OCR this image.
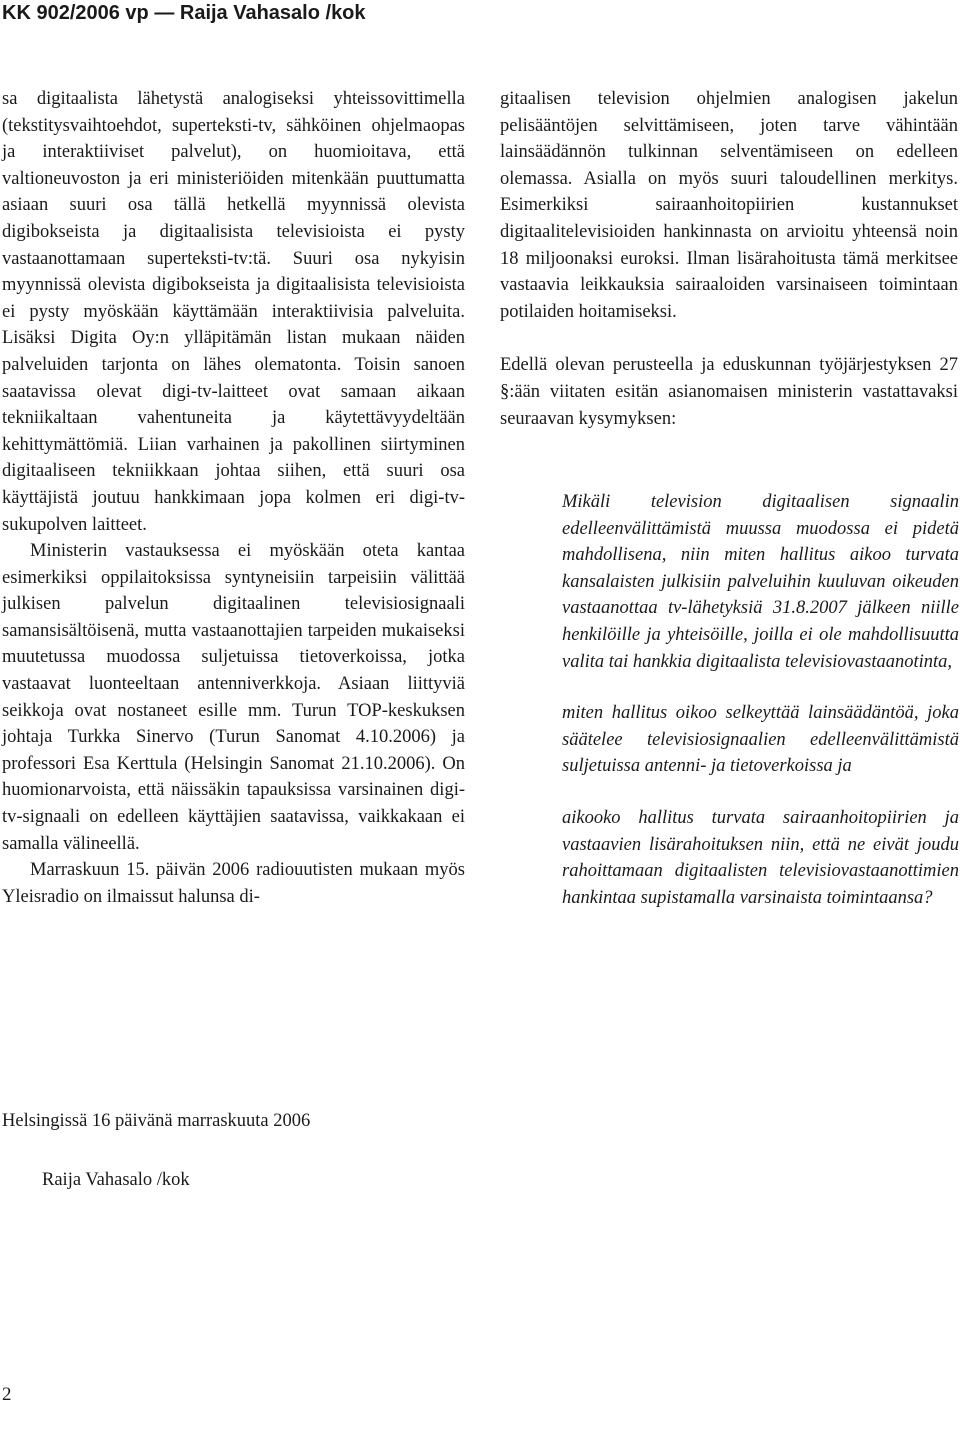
KK 902/2006 vp — Raija Vahasalo /kok

sa digitaalista lähetystä analogiseksi yhteissovittimella (tekstitysvaihtoehdot, superteksti-tv, sähköinen ohjelmaopas ja interaktiiviset palvelut), on huomioitava, että valtioneuvoston ja eri ministeriöiden mitenkään puuttumatta asiaan suuri osa tällä hetkellä myynnissä olevista digibokseista ja digitaalisista televisioista ei pysty vastaanottamaan superteksti-tv:tä. Suuri osa nykyisin myynnissä olevista digibokseista ja digitaalisista televisioista ei pysty myöskään käyttämään interaktiivisia palveluita. Lisäksi Digita Oy:n ylläpitämän listan mukaan näiden palveluiden tarjonta on lähes olematonta. Toisin sanoen saatavissa olevat digi-tv-laitteet ovat samaan aikaan tekniikaltaan vahentuneita ja käytettävyydeltään kehittymättömiä. Liian varhainen ja pakollinen siirtyminen digitaaliseen tekniikkaan johtaa siihen, että suuri osa käyttäjistä joutuu hankkimaan jopa kolmen eri digi-tv-sukupolven laitteet.

Ministerin vastauksessa ei myöskään oteta kantaa esimerkiksi oppilaitoksissa syntyneisiin tarpeisiin välittää julkisen palvelun digitaalinen televisiosignaali samansisältöisenä, mutta vastaanottajien tarpeiden mukaiseksi muutetussa muodossa suljetuissa tietoverkoissa, jotka vastaavat luonteeltaan antenniverkkoja. Asiaan liittyviä seikkoja ovat nostaneet esille mm. Turun TOP-keskuksen johtaja Turkka Sinervo (Turun Sanomat 4.10.2006) ja professori Esa Kerttula (Helsingin Sanomat 21.10.2006). On huomionarvoista, että näissäkin tapauksissa varsinainen digi-tv-signaali on edelleen käyttäjien saatavissa, vaikkakaan ei samalla välineellä.

Marraskuun 15. päivän 2006 radiouutisten mukaan myös Yleisradio on ilmaissut halunsa di-

gitaalisen television ohjelmien analogisen jakelun pelisääntöjen selvittämiseen, joten tarve vähintään lainsäädännön tulkinnan selventämiseen on edelleen olemassa. Asialla on myös suuri taloudellinen merkitys. Esimerkiksi sairaanhoitopiirien kustannukset digitaalitelevisioiden hankinnasta on arvioitu yhteensä noin 18 miljoonaksi euroksi. Ilman lisärahoitusta tämä merkitsee vastaavia leikkauksia sairaaloiden varsinaiseen toimintaan potilaiden hoitamiseksi.

Edellä olevan perusteella ja eduskunnan työjärjestyksen 27 §:ään viitaten esitän asianomaisen ministerin vastattavaksi seuraavan kysymyksen:

Mikäli television digitaalisen signaalin edelleenvälittämistä muussa muodossa ei pidetä mahdollisena, niin miten hallitus aikoo turvata kansalaisten julkisiin palveluihin kuuluvan oikeuden vastaanottaa tv-lähetyksiä 31.8.2007 jälkeen niille henkilöille ja yhteisöille, joilla ei ole mahdollisuutta valita tai hankkia digitaalista televisiovastaanotinta,

miten hallitus oikoo selkeyttää lainsäädäntöä, joka säätelee televisiosignaalien edelleenvälittämistä suljetuissa antenni- ja tietoverkoissa ja

aikooko hallitus turvata sairaanhoitopiirien ja vastaavien lisärahoituksen niin, että ne eivät joudu rahoittamaan digitaalisten televisiovastaanottimien hankintaa supistamalla varsinaista toimintaansa?

Helsingissä 16 päivänä marraskuuta 2006
Raija Vahasalo /kok
2
